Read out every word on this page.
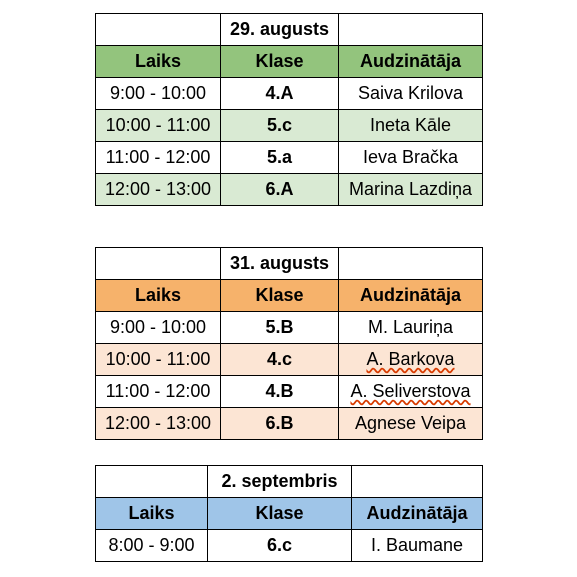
	29. augusts	
Laiks	Klase	Audzinātāja
9:00 - 10:00	4.A	Saiva Krilova
10:00 - 11:00	5.c	Ineta Kāle
11:00 - 12:00	5.a	Ieva Bračka
12:00 - 13:00	6.A	Marina Lazdiņa
	31. augusts	
Laiks	Klase	Audzinātāja
9:00 - 10:00	5.B	M. Lauriņa
10:00 - 11:00	4.c	A. Barkova
11:00 - 12:00	4.B	A. Seliverstova
12:00 - 13:00	6.B	Agnese Veipa
	2. septembris	
Laiks	Klase	Audzinātāja
8:00 - 9:00	6.c	I. Baumane
